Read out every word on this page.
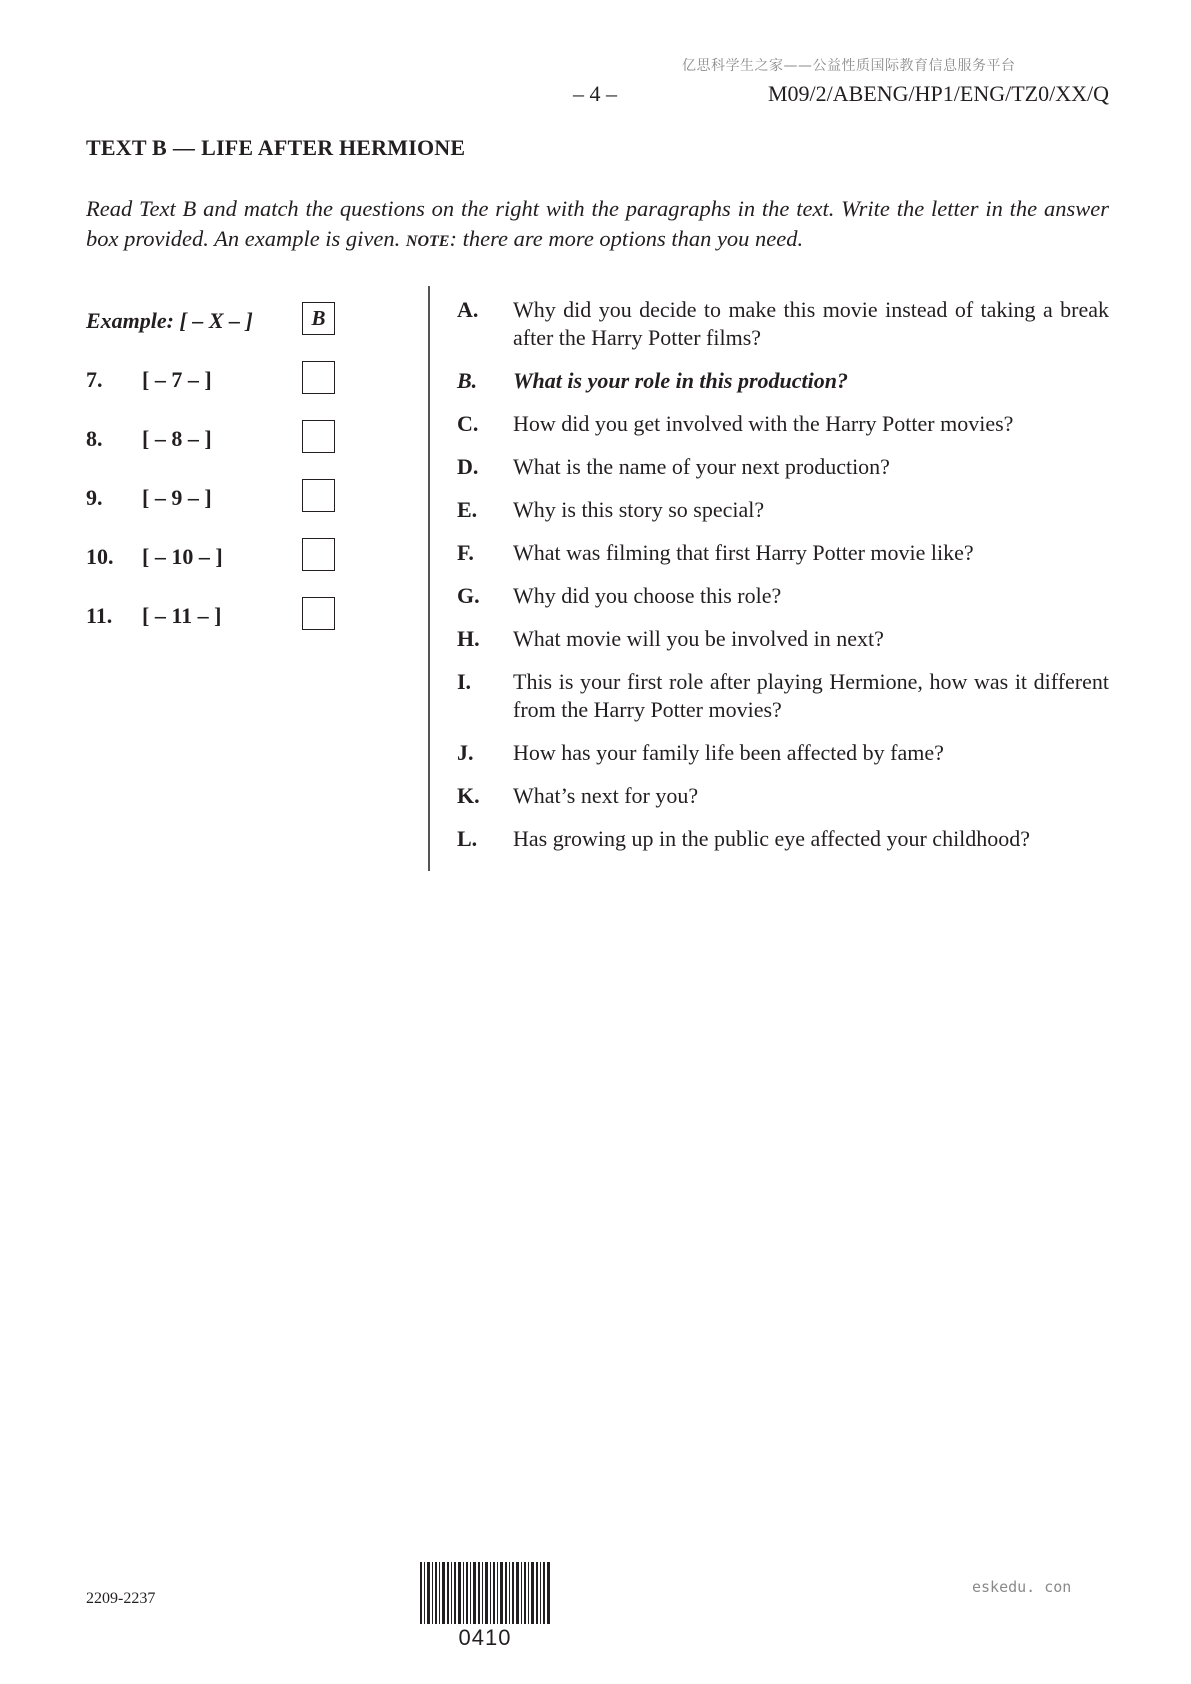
亿思科学生之家——公益性质国际教育信息服务平台
– 4 –	M09/2/ABENG/HP1/ENG/TZ0/XX/Q
TEXT B — LIFE AFTER HERMIONE
Read Text B and match the questions on the right with the paragraphs in the text. Write the letter in the answer box provided. An example is given. NOTE: there are more options than you need.
Example: [ – X – ]	B
7. [ – 7 – ]
8. [ – 8 – ]
9. [ – 9 – ]
10. [ – 10 – ]
11. [ – 11 – ]
A.	Why did you decide to make this movie instead of taking a break after the Harry Potter films?
B.	What is your role in this production?
C.	How did you get involved with the Harry Potter movies?
D.	What is the name of your next production?
E.	Why is this story so special?
F.	What was filming that first Harry Potter movie like?
G.	Why did you choose this role?
H.	What movie will you be involved in next?
I.	This is your first role after playing Hermione, how was it different from the Harry Potter movies?
J.	How has your family life been affected by fame?
K.	What’s next for you?
L.	Has growing up in the public eye affected your childhood?
2209-2237
0410
eskedu. con
